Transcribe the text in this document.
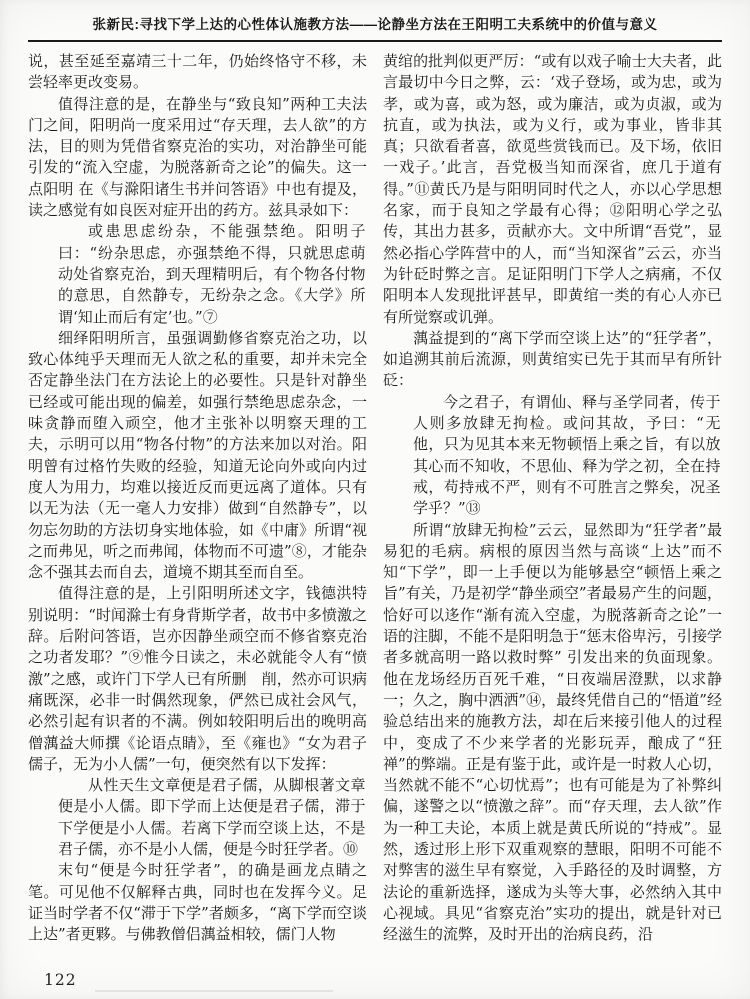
张新民:寻找下学上达的心性体认施教方法——论静坐方法在王阳明工夫系统中的价值与意义

说，甚至延至嘉靖三十二年，仍始终恪守不移，未尝轻率更改变易。

值得注意的是，在静坐与“致良知”两种工夫法门之间，阳明尚一度采用过“存天理，去人欲”的方法，目的则为凭借省察克治的实功，对治静坐可能引发的“流入空虚，为脱落新奇之论”的偏失。这一点阳明 在《与滁阳诸生书并问答语》中也有提及，读之感觉有如良医对症开出的药方。兹具录如下：

或患思虑纷杂，不能强禁绝。阳明子曰：“纷杂思虑，亦强禁绝不得，只就思虑萌动处省察克治，到天理精明后，有个物各付物的意思，自然静专，无纷杂之念。《大学》所谓‘知止而后有定’也。”⑦

细绎阳明所言，虽强调勤修省察克治之功，以致心体纯乎天理而无人欲之私的重要，却并未完全否定静坐法门在方法论上的必要性。只是针对静坐已经或可能出现的偏差，如强行禁绝思虑杂念，一味贪静而堕入顽空，他才主张补以明察天理的工夫，示明可以用“物各付物”的方法来加以对治。阳明曾有过格竹失败的经验，知道无论向外或向内过度人为用力，均难以接近反而更远离了道体。只有以无为法（无一毫人力安排）做到“自然静专”，以勿忘勿助的方法切身实地体验，如《中庸》所谓“视之而弗见，听之而弗闻，体物而不可遗”⑧，才能杂念不强其去而自去，道境不期其至而自至。

值得注意的是，上引阳明所述文字，钱德洪特别说明：“时闻滁士有身背斯学者，故书中多愤激之辞。后附问答语，岂亦因静坐顽空而不修省察克治之功者发耶？”⑨惟今日读之，未必就能令人有“愤激”之感，或许门下学人已有所删　削，然亦可识病痛既深，必非一时偶然现象，俨然已成社会风气，必然引起有识者的不满。例如较阳明后出的晚明高僧蕅益大师撰《论语点睛》，至《雍也》“女为君子儒子，无为小人儒”一句，便突然有以下发挥：

从性天生文章便是君子儒，从脚根著文章便是小人儒。即下学而上达便是君子儒，滞于下学便是小人儒。若离下学而空谈上达，不是君子儒，亦不是小人儒，便是今时狂学者。⑩

末句“便是今时狂学者”，的确是画龙点睛之笔。可见他不仅解释古典，同时也在发挥今义。足证当时学者不仅“滞于下学”者颇多，“离下学而空谈上达”者更夥。与佛教僧侣蕅益相较，儒门人物

黄绾的批判似更严厉：“或有以戏子喻士大夫者，此言最切中今日之弊，云：‘戏子登场，或为忠，或为孝，或为喜，或为怒，或为廉洁，或为贞淑，或为抗直，或为执法，或为义行，或为事业，皆非其真；只欲看者喜，欲觅些赏钱而已。及下场，依旧一戏子。’此言，吾党极当知而深省，庶几于道有得。”⑪黄氏乃是与阳明同时代之人，亦以心学思想名家，而于良知之学最有心得；⑫阳明心学之弘传，其出力甚多，贡献亦大。文中所谓“吾党”，显然必指心学阵营中的人，而“当知深省”云云，亦当为针砭时弊之言。足证阳明门下学人之病痛，不仅阳明本人发现批评甚早，即黄绾一类的有心人亦已有所觉察或讥弹。

蕅益提到的“离下学而空谈上达”的“狂学者”，如追溯其前后流源，则黄绾实已先于其而早有所针砭：

今之君子，有谓仙、释与圣学同者，传于人则多放肆无拘检。或问其故，予曰：“无他，只为见其本来无物顿悟上乘之旨，有以放其心而不知收，不思仙、释为学之初，全在持戒，苟持戒不严，则有不可胜言之弊矣，况圣学乎？”⑬

所谓“放肆无拘检”云云，显然即为“狂学者”最易犯的毛病。病根的原因当然与高谈“上达”而不知“下学”，即一上手便以为能够悬空“顿悟上乘之旨”有关，乃是初学“静坐顽空”者最易产生的问题，恰好可以迻作“渐有流入空虚，为脱落新奇之论”一语的注脚，不能不是阳明急于“惩末俗卑污，引接学者多就高明一路以救时弊” 引发出来的负面现象。他在龙场经历百死千难，“日夜端居澄默，以求静一；久之，胸中洒洒”⑭，最终凭借自己的“悟道”经验总结出来的施教方法，却在后来接引他人的过程中，变成了不少来学者的光影玩弄，酿成了“狂禅”的弊端。正是有鉴于此，或许是一时救人心切，当然就不能不“心切忧焉”；也有可能是为了补弊纠偏，遂警之以“愤激之辞”。而“存天理，去人欲”作为一种工夫论，本质上就是黄氏所说的“持戒”。显然，透过形上形下双重观察的慧眼，阳明不可能不对弊害的滋生早有察觉，入手路径的及时调整，方法论的重新选择，遂成为头等大事，必然纳入其中心视域。具见“省察克治”实功的提出，就是针对已经滋生的流弊，及时开出的治病良药，沿

122
